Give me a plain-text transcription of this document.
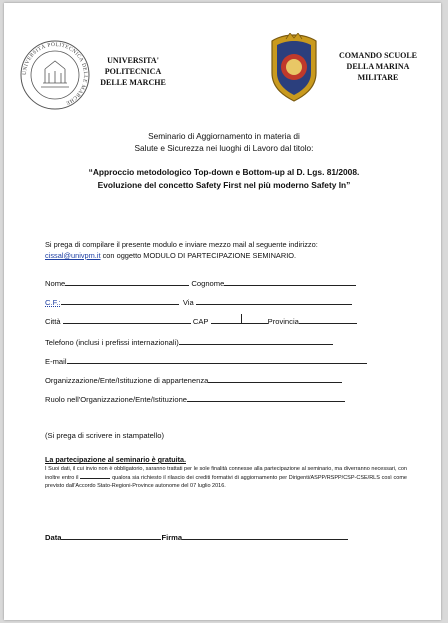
UNIVERSITÀ POLITECNICA DELLE MARCHE
UNIVERSITA'
POLITECNICA
DELLE MARCHE
COMANDO SCUOLE
DELLA MARINA
MILITARE
Seminario di Aggiornamento in materia di
Salute e Sicurezza nei luoghi di Lavoro dal titolo:
“Approccio metodologico Top-down e Bottom-up al D. Lgs. 81/2008.
Evoluzione del concetto Safety First nel più moderno Safety In”
Si prega di compilare il presente modulo e inviare mezzo mail al seguente indirizzo:
cissal@univpm.it con oggetto MODULO DI PARTECIPAZIONE SEMINARIO.
Nome	Cognome
C.F.:	Via
Città	CAP	Provincia
Telefono (inclusi i prefissi internazionali)
E-mail
Organizzazione/Ente/Istituzione di appartenenza
Ruolo nell'Organizzazione/Ente/Istituzione
(Si prega di scrivere in stampatello)
La partecipazione al seminario è gratuita.
I Suoi dati, il cui invio non è obbligatorio, saranno trattati per le sole finalità connesse alla partecipazione al seminario, ma diverranno necessari, con inoltre entro il	qualora sia richiesto il rilascio dei crediti formativi di aggiornamento per Dirigenti/ASPP/RSPP/CSP-CSE/RLS così come previsto dall'Accordo Stato-Regioni-Province autonome del 07 luglio 2016.
Data	Firma
